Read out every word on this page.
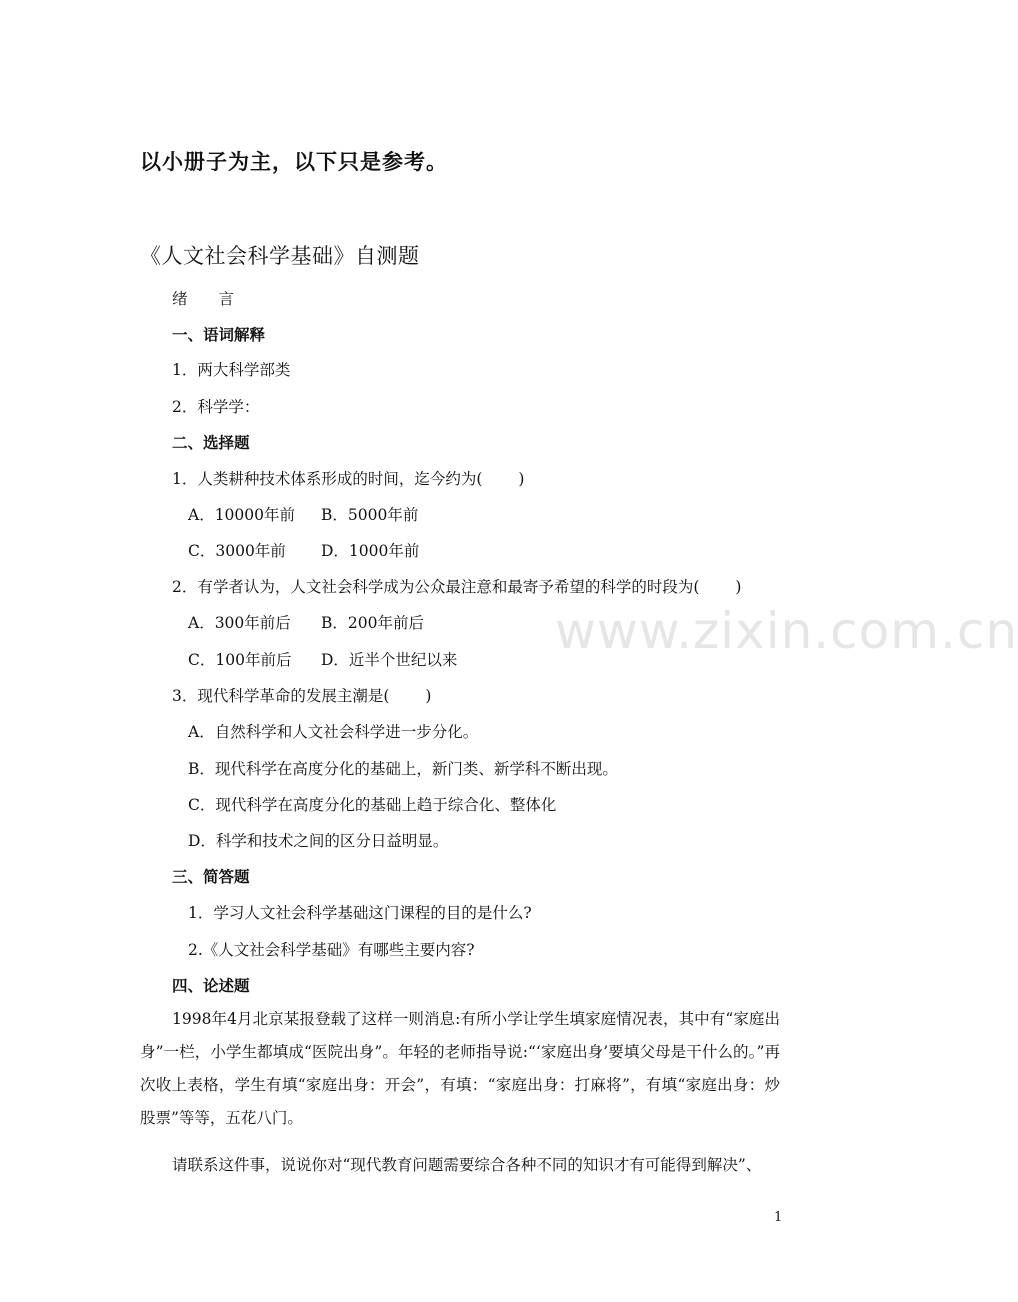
www.zixin.com.cn
以小册子为主，以下只是参考。
《人文社会科学基础》自测题
绪　　言
一、语词解释
1．两大科学部类
2．科学学：
二、选择题
1．人类耕种技术体系形成的时间，迄今约为(　　 )
A．10000年前 B．5000年前
C．3000年前 D．1000年前
2．有学者认为，人文社会科学成为公众最注意和最寄予希望的科学的时段为(　　 )
A．300年前后 B．200年前后
C．100年前后 D．近半个世纪以来
3．现代科学革命的发展主潮是(　　 )
A．自然科学和人文社会科学进一步分化。
B．现代科学在高度分化的基础上，新门类、新学科不断出现。
C．现代科学在高度分化的基础上趋于综合化、整体化
D．科学和技术之间的区分日益明显。
三、简答题
1．学习人文社会科学基础这门课程的目的是什么?
2.《人文社会科学基础》有哪些主要内容?
四、论述题
1998年4月北京某报登载了这样一则消息:有所小学让学生填家庭情况表，其中有“家庭出身”一栏，小学生都填成“医院出身”。年轻的老师指导说:“‘家庭出身’要填父母是干什么的。”再次收上表格，学生有填“家庭出身：开会”，有填：“家庭出身：打麻将”，有填“家庭出身：炒股票”等等，五花八门。
请联系这件事，说说你对“现代教育问题需要综合各种不同的知识才有可能得到解决”、
1
